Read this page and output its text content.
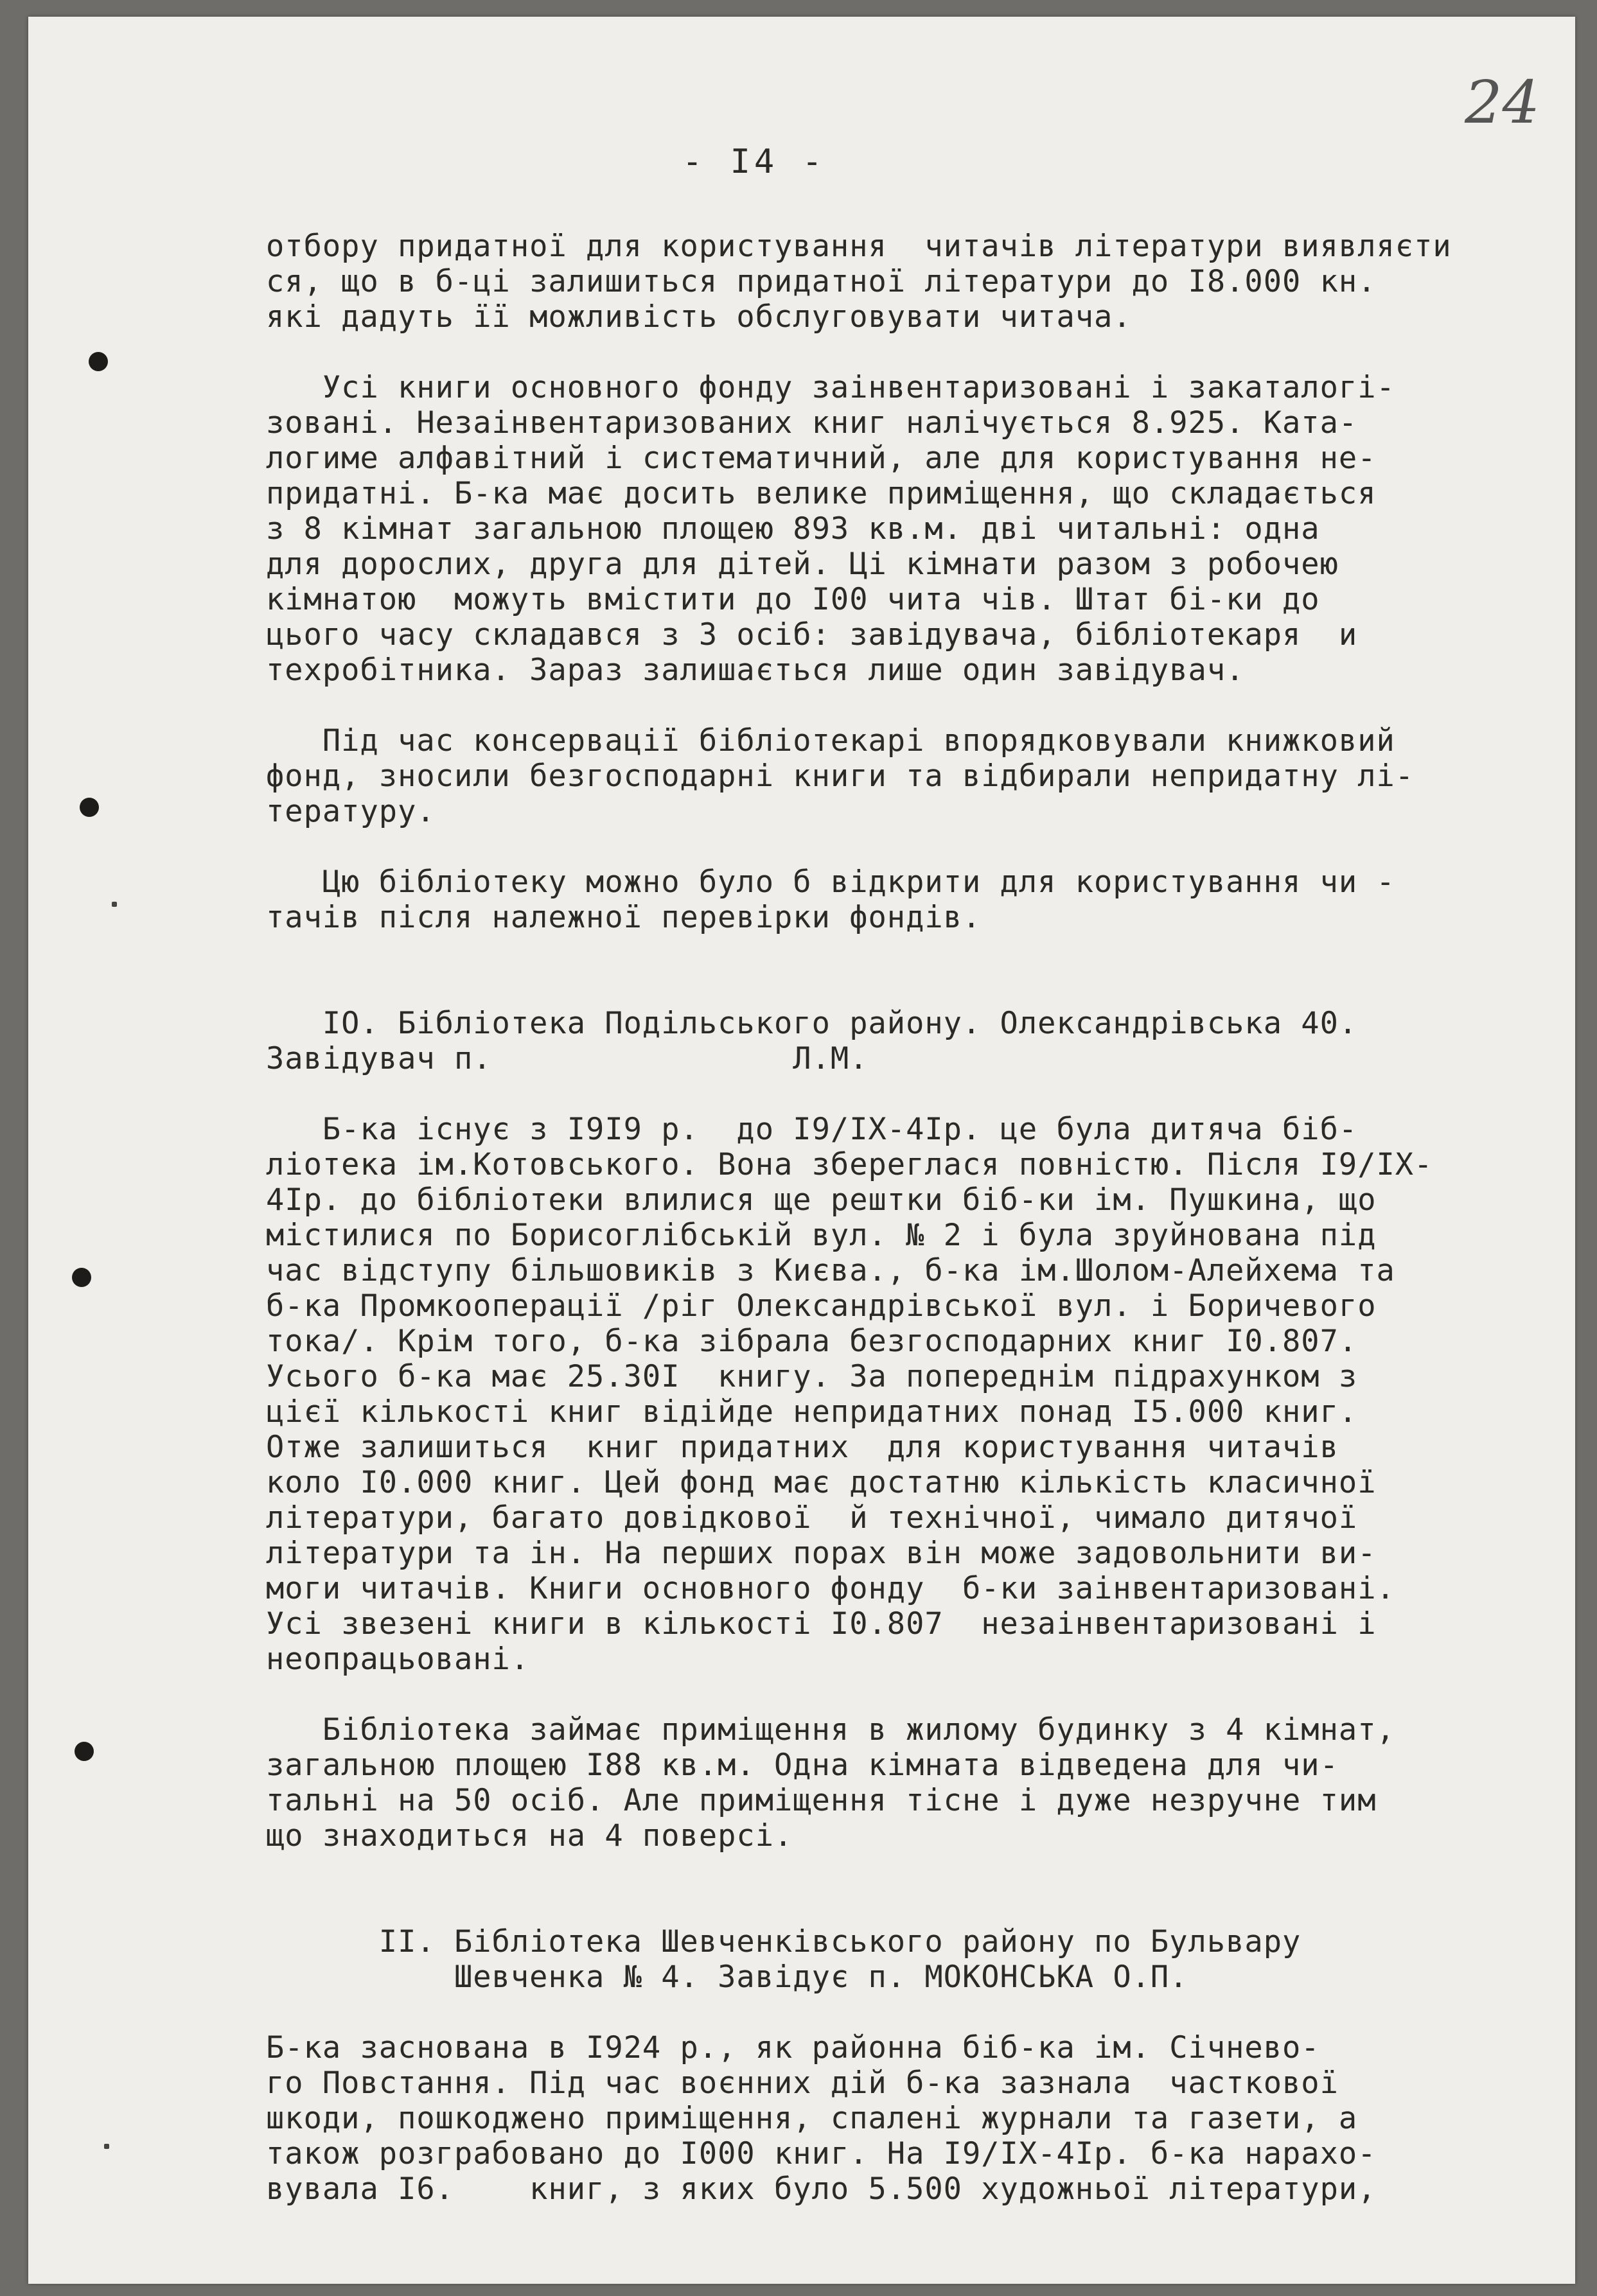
24
- I4 -
отбору придатної для користування  читачів літератури виявляєти
ся, що в б-ці залишиться придатної літератури до I8.000 кн.
які дадуть її можливість обслуговувати читача.
Усі книги основного фонду заінвентаризовані і закаталогі-
зовані. Незаінвентаризованих книг налічується 8.925. Ката-
логиме алфавітний і систематичний, але для користування не-
придатні. Б-ка має досить велике приміщення, що складається
з 8 кімнат загальною площею 893 кв.м. дві читальні: одна
для дорослих, друга для дітей. Ці кімнати разом з робочею
кімнатою  можуть вмістити до I00 чита чів. Штат бі-ки до
цього часу складався з 3 осіб: завідувача, бібліотекаря  и
техробітника. Зараз залишається лише один завідувач.
Під час консервації бібліотекарі впорядковували книжковий
фонд, зносили безгосподарні книги та відбирали непридатну лі-
тературу.
Цю бібліотеку можно було б відкрити для користування чи -
тачів після належної перевірки фондів.
IO. Бібліотека Подільського району. Олександрівська 40.
Завідувач п.                Л.М.
Б-ка існує з I9I9 р.  до I9/IX-4Iр. це була дитяча біб-
ліотека ім.Котовського. Вона збереглася повністю. Після I9/IX-
4Iр. до бібліотеки влилися ще рештки біб-ки ім. Пушкина, що
містилися по Борисоглібській вул. № 2 і була зруйнована під
час відступу більшовиків з Києва., б-ка ім.Шолом-Алейхема та
б-ка Промкооперації /ріг Олександрівської вул. і Боричевого
тока/. Крім того, б-ка зібрала безгосподарних книг I0.807.
Усього б-ка має 25.30I  книгу. За попереднім підрахунком з
цієї кількості книг відійде непридатних понад I5.000 книг.
Отже залишиться  книг придатних  для користування читачів
коло I0.000 книг. Цей фонд має достатню кількість класичної
літератури, багато довідкової  й технічної, чимало дитячої
літератури та ін. На перших порах він може задовольнити ви-
моги читачів. Книги основного фонду  б-ки заінвентаризовані.
Усі звезені книги в кількості I0.807  незаінвентаризовані і
неопрацьовані.
Бібліотека займає приміщення в жилому будинку з 4 кімнат,
загальною площею I88 кв.м. Одна кімната відведена для чи-
тальні на 50 осіб. Але приміщення тісне і дуже незручне тим
що знаходиться на 4 поверсі.
II. Бібліотека Шевченківського району по Бульвару
Шевченка № 4. Завідує п. МОКОНСЬКА О.П.
Б-ка заснована в I924 р., як районна біб-ка ім. Січнево-
го Повстання. Під час воєнних дій б-ка зазнала  часткової
шкоди, пошкоджено приміщення, спалені журнали та газети, а
також розграбовано до I000 книг. На I9/IX-4Iр. б-ка нарахо-
вувала I6.    книг, з яких було 5.500 художньої літератури,
